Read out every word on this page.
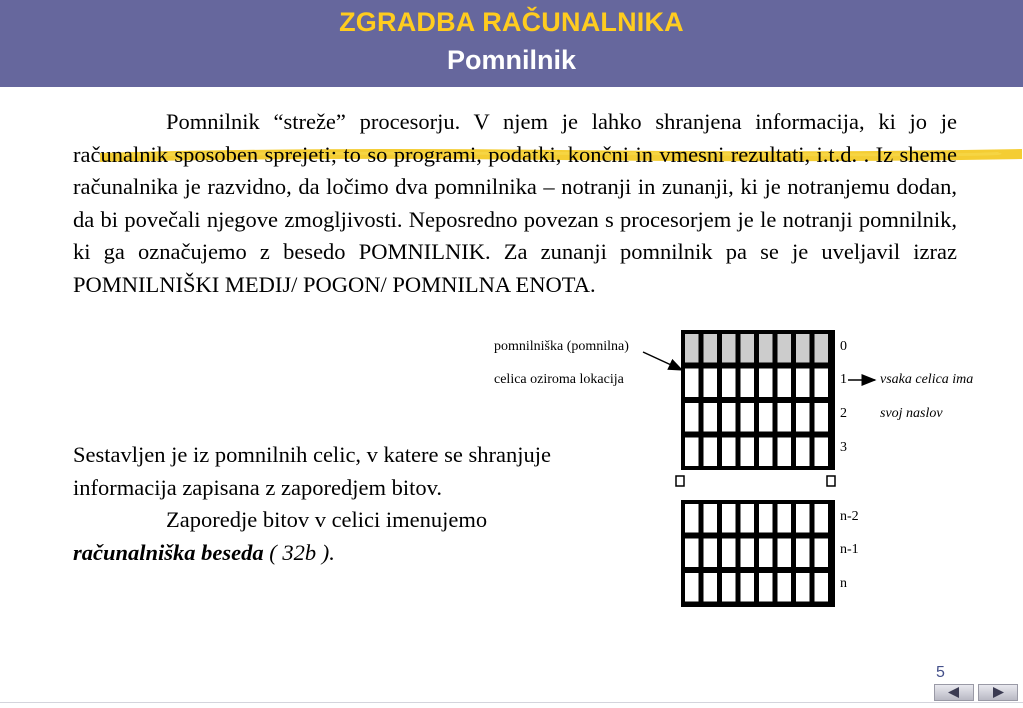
ZGRADBA RAČUNALNIKA
Pomnilnik
Pomnilnik “streže” procesorju. V njem je lahko shranjena informacija, ki jo je računalnik sposoben sprejeti; to so programi, podatki, končni in vmesni rezultati, i.t.d. . Iz sheme računalnika je razvidno, da ločimo dva pomnilnika – notranji in zunanji, ki je notranjemu dodan, da bi povečali njegove zmogljivosti. Neposredno povezan s procesorjem je le notranji pomnilnik, ki ga označujemo z besedo POMNILNIK. Za zunanji pomnilnik pa se je uveljavil izraz POMNILNIŠKI MEDIJ/ POGON/ POMNILNA ENOTA.
Sestavljen je iz pomnilnih celic, v katere se shranjuje informacija zapisana z zaporedjem bitov.
Zaporedje bitov v celici imenujemo
računalniška beseda ( 32b ).
pomnilniška (pomnilna)
celica oziroma lokacija	vsaka celica ima
svoj naslov
0
1
2
3
n-2
n-1
n
5
